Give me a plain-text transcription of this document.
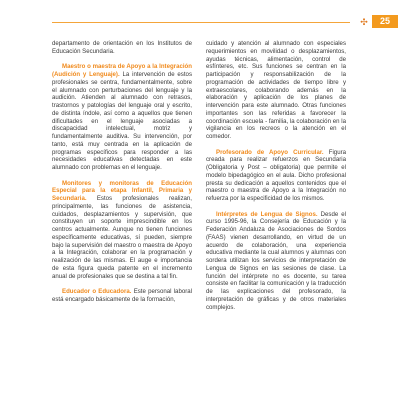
✣	25

departamento de orientación en los Institutos de Educación Secundaria.

Maestro o maestra de Apoyo a la Integración (Audición y Lenguaje). La intervención de estos profesionales se centra, fundamentalmente, sobre el alumnado con perturbaciones del lenguaje y la audición. Atienden al alumnado con retrasos, trastornos y patologías del lenguaje oral y escrito, de distinta índole, así como a aquellos que tienen dificultades en el lenguaje asociadas a discapacidad intelectual, motriz y fundamentalmente auditiva. Su intervención, por tanto, está muy centrada en la aplicación de programas específicos para responder a las necesidades educativas detectadas en este alumnado con problemas en el lenguaje.

Monitores y monitoras de Educación Especial para la etapa Infantil, Primaria y Secundaria. Estos profesionales realizan, principalmente, las funciones de asistencia, cuidados, desplazamientos y supervisión, que constituyen un soporte imprescindible en los centros actualmente. Aunque no tienen funciones específicamente educativas, sí pueden, siempre bajo la supervisión del maestro o maestra de Apoyo a la Integración, colaborar en la programación y realización de las mismas. El auge e importancia de esta figura queda patente en el incremento anual de profesionales que se destina a tal fin.

Educador o Educadora. Este personal laboral está encargado básicamente de la formación,

cuidado y atención al alumnado con especiales requerimientos en movilidad o desplazamientos, ayudas técnicas, alimentación, control de esfínteres, etc. Sus funciones se centran en la participación y responsabilización de la programación de actividades de tiempo libre y extraescolares, colaborando además en la elaboración y aplicación de los planes de intervención para este alumnado. Otras funciones importantes son las referidas a favorecer la coordinación escuela - familia, la colaboración en la vigilancia en los recreos o la atención en el comedor.

Profesorado de Apoyo Curricular. Figura creada para realizar refuerzos en Secundaria (Obligatoria y Post – obligatoria) que permite el modelo bipedagógico en el aula. Dicho profesional presta su dedicación a aquellos contenidos que el maestro o maestra de Apoyo a la Integración no refuerza por la especificidad de los mismos.

Intérpretes de Lengua de Signos. Desde el curso 1995-96, la Consejería de Educación y la Federación Andaluza de Asociaciones de Sordos (FAAS) vienen desarrollando, en virtud de un acuerdo de colaboración, una experiencia educativa mediante la cual alumnos y alumnas con sordera utilizan los servicios de interpretación de Lengua de Signos en las sesiones de clase. La función del intérprete no es docente, su tarea consiste en facilitar la comunicación y la traducción de las explicaciones del profesorado, la interpretación de gráficas y de otros materiales complejos.
